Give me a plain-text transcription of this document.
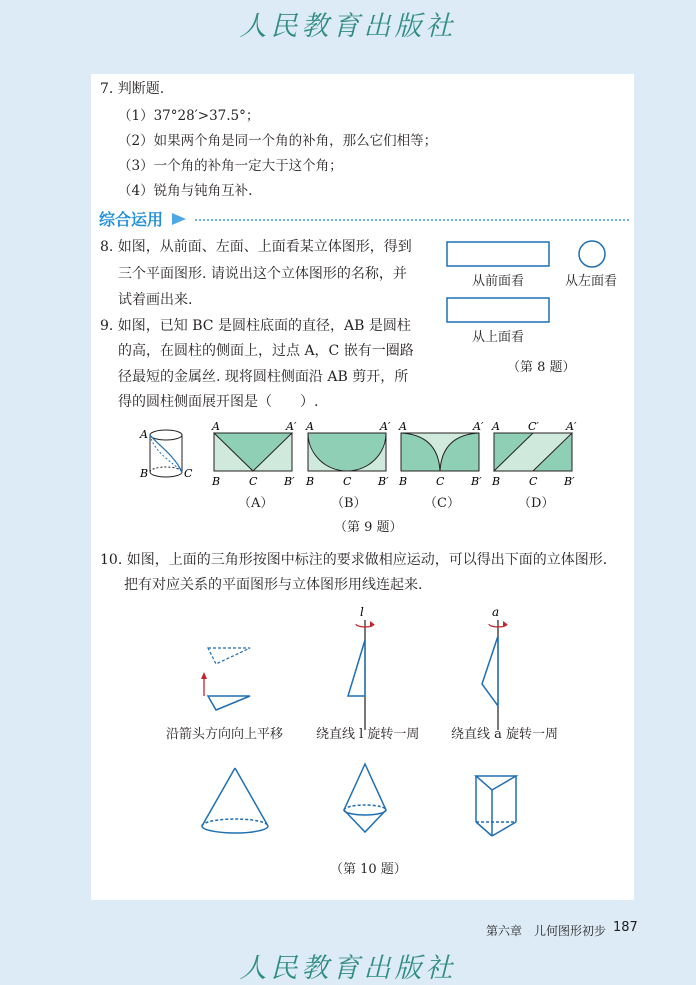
人民教育出版社
7. 判断题.
（1）37°28′>37.5°；
（2）如果两个角是同一个角的补角，那么它们相等；
（3）一个角的补角一定大于这个角；
（4）锐角与钝角互补.
综合运用
8. 如图，从前面、左面、上面看某立体图形，得到
三个平面图形. 请说出这个立体图形的名称，并
试着画出来.
从前面看	从左面看
从上面看
（第 8 题）
9. 如图，已知 BC 是圆柱底面的直径，AB 是圆柱
的高，在圆柱的侧面上，过点 A，C 嵌有一圈路
径最短的金属丝. 现将圆柱侧面沿 AB 剪开，所
得的圆柱侧面展开图是（　　）.
A
B	C
A	A′
B	C B′
A	A′
B	C B′
A	A′
B	C B′
A	C′ A′
B	C B′
（A）	（B）	（C）	（D）
（第 9 题）
10. 如图，上面的三角形按图中标注的要求做相应运动，可以得出下面的立体图形.
把有对应关系的平面图形与立体图形用线连起来.
l	a
沿箭头方向向上平移	绕直线 l 旋转一周 绕直线 a 旋转一周
（第 10 题）
第六章　儿何图形初步 187
人民教育出版社
